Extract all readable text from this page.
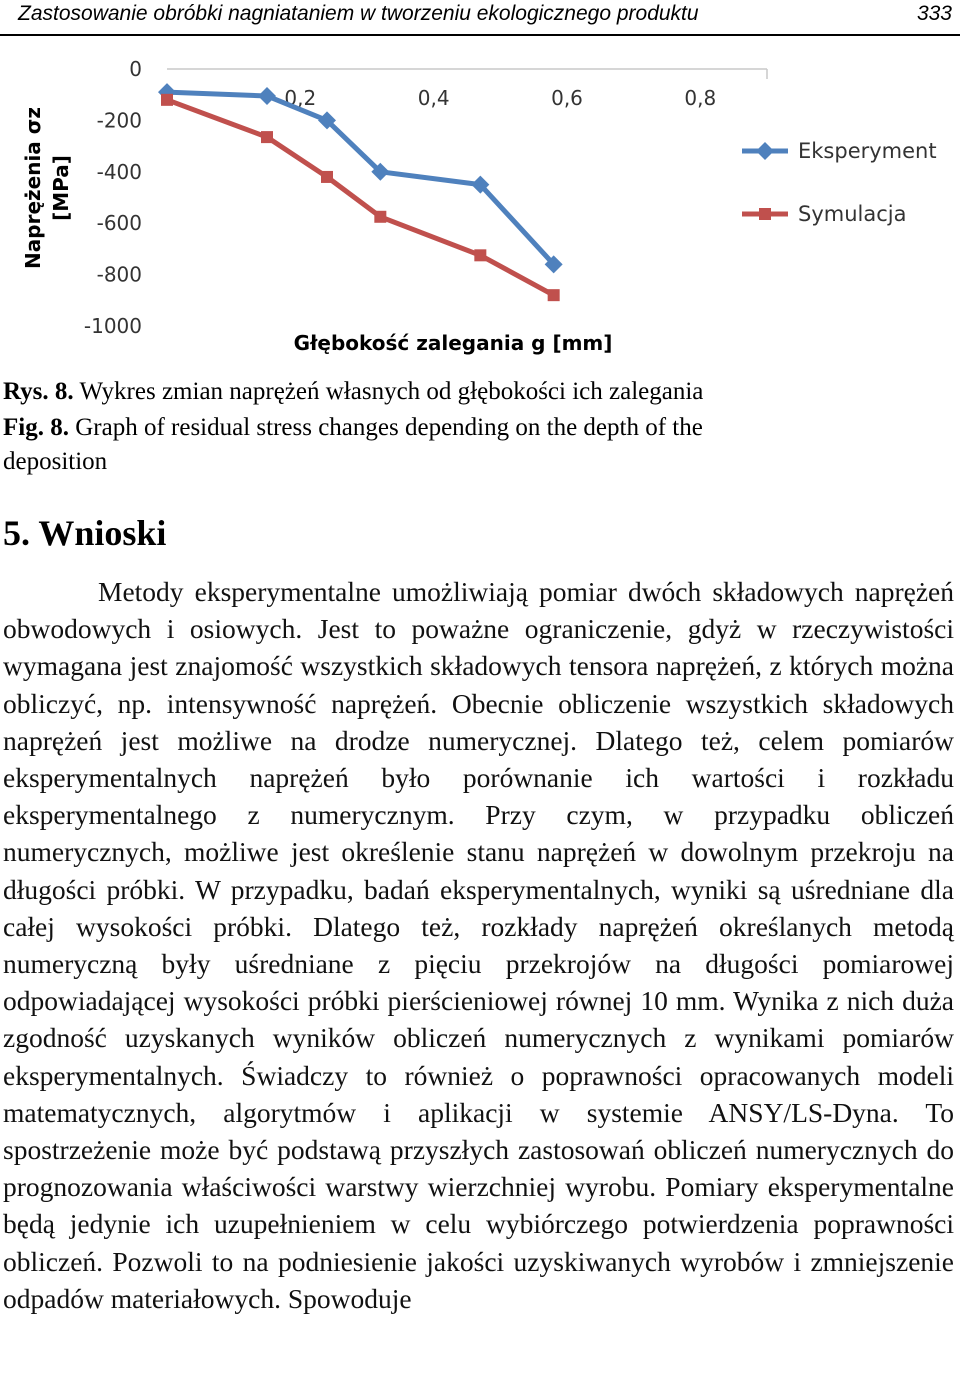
Zastosowanie obróbki nagniataniem w tworzeniu ekologicznego produktu	333
Naprężenia σz [MPa]
0
-200
-400
-600
-800
-1000
0,2	0,4	0,6	0,8
Eksperyment
Symulacja
Głębokość zalegania g [mm]
Rys. 8. Wykres zmian naprężeń własnych od głębokości ich zalegania
Fig. 8. Graph of residual stress changes depending on the depth of the
deposition
5. Wnioski
Metody eksperymentalne umożliwiają pomiar dwóch składowych naprężeń obwodowych i osiowych. Jest to poważne ograniczenie, gdyż w rzeczywistości wymagana jest znajomość wszystkich składowych tensora naprężeń, z których można obliczyć, np. intensywność naprężeń. Obecnie obliczenie wszystkich składowych naprężeń jest możliwe na drodze numerycznej. Dlatego też, celem pomiarów eksperymentalnych naprężeń było porównanie ich wartości i rozkładu eksperymentalnego z numerycznym. Przy czym, w przypadku obliczeń numerycznych, możliwe jest określenie stanu naprężeń w dowolnym przekroju na długości próbki. W przypadku, badań eksperymentalnych, wyniki są uśredniane dla całej wysokości próbki. Dlatego też, rozkłady naprężeń określanych metodą numeryczną były uśredniane z pięciu przekrojów na długości pomiarowej odpowiadającej wysokości próbki pierścieniowej równej 10 mm. Wynika z nich duża zgodność uzyskanych wyników obliczeń numerycznych z wynikami pomiarów eksperymentalnych. Świadczy to również o poprawności opracowanych modeli matematycznych, algorytmów i aplikacji w systemie ANSY/LS-Dyna. To spostrzeżenie może być podstawą przyszłych zastosowań obliczeń numerycznych do prognozowania właściwości warstwy wierzchniej wyrobu. Pomiary eksperymentalne będą jedynie ich uzupełnieniem w celu wybiórczego potwierdzenia poprawności obliczeń. Pozwoli to na podniesienie jakości uzyskiwanych wyrobów i zmniejszenie odpadów materiałowych. Spowoduje
